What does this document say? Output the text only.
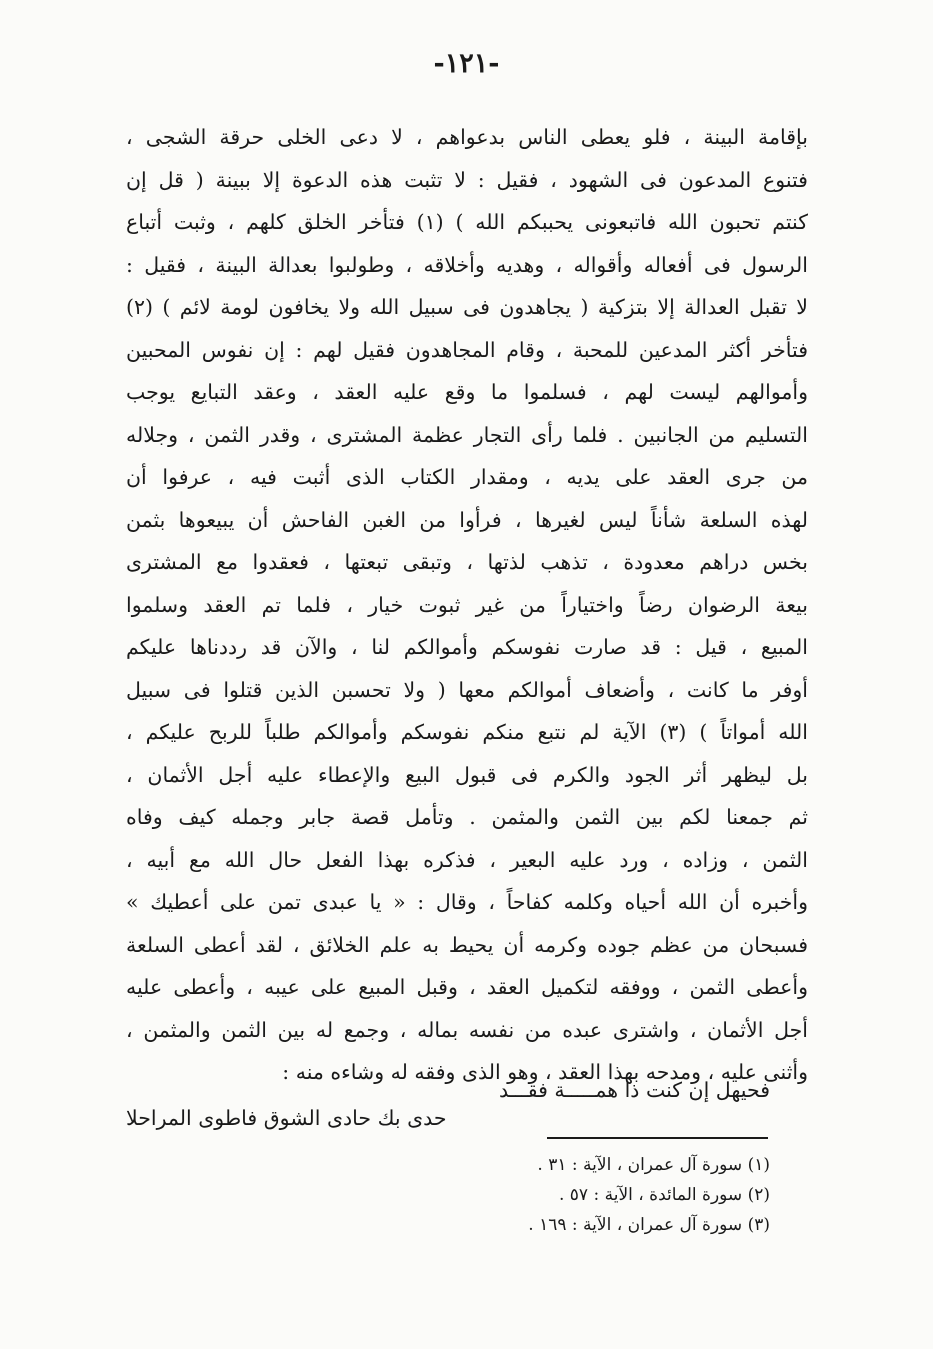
-١٢١-
بإقامة البينة ، فلو يعطى الناس بدعواهم ، لا دعى الخلى حرقة الشجى ،
فتنوع المدعون فى الشهود ، فقيل : لا تثبت هذه الدعوة إلا ببينة ( قل إن
كنتم تحبون الله فاتبعونى يحببكم الله ) (١) فتأخر الخلق كلهم ، وثبت أتباع
الرسول فى أفعاله وأقواله ، وهديه وأخلاقه ، وطولبوا بعدالة البينة ، فقيل :
لا تقبل العدالة إلا بتزكية ( يجاهدون فى سبيل الله ولا يخافون لومة لائم ) (٢)
فتأخر أكثر المدعين للمحبة ، وقام المجاهدون فقيل لهم : إن نفوس المحبين
وأموالهم ليست لهم ، فسلموا ما وقع عليه العقد ، وعقد التبايع يوجب
التسليم من الجانبين . فلما رأى التجار عظمة المشترى ، وقدر الثمن ، وجلاله
من جرى العقد على يديه ، ومقدار الكتاب الذى أثبت فيه ، عرفوا أن
لهذه السلعة شأناً ليس لغيرها ، فرأوا من الغبن الفاحش أن يبيعوها بثمن
بخس دراهم معدودة ، تذهب لذتها ، وتبقى تبعتها ، فعقدوا مع المشترى
بيعة الرضوان رضاً واختياراً من غير ثبوت خيار ، فلما تم العقد وسلموا
المبيع ، قيل : قد صارت نفوسكم وأموالكم لنا ، والآن قد رددناها عليكم
أوفر ما كانت ، وأضعاف أموالكم معها ( ولا تحسبن الذين قتلوا فى سبيل
الله أمواتاً ) (٣) الآية لم نتبع منكم نفوسكم وأموالكم طلباً للربح عليكم ،
بل ليظهر أثر الجود والكرم فى قبول البيع والإعطاء عليه أجل الأثمان ،
ثم جمعنا لكم بين الثمن والمثمن . وتأمل قصة جابر وجمله كيف وفاه
الثمن ، وزاده ، ورد عليه البعير ، فذكره بهذا الفعل حال الله مع أبيه ،
وأخبره أن الله أحياه وكلمه كفاحاً ، وقال : « يا عبدى تمن على أعطيك »
فسبحان من عظم جوده وكرمه أن يحيط به علم الخلائق ، لقد أعطى السلعة
وأعطى الثمن ، ووفقه لتكميل العقد ، وقبل المبيع على عيبه ، وأعطى عليه
أجل الأثمان ، واشترى عبده من نفسه بماله ، وجمع له بين الثمن والمثمن ،
وأثنى عليه ، ومدحه بهذا العقد ، وهو الذى وفقه له وشاءه منه :
فحيهل إن كنت ذا همـــــة فقـــد
حدى بك حادى الشوق فاطوى المراحلا
(١) سورة آل عمران ، الآية : ٣١ .
(٢) سورة المائدة ، الآية : ٥٧ .
(٣) سورة آل عمران ، الآية : ١٦٩ .
